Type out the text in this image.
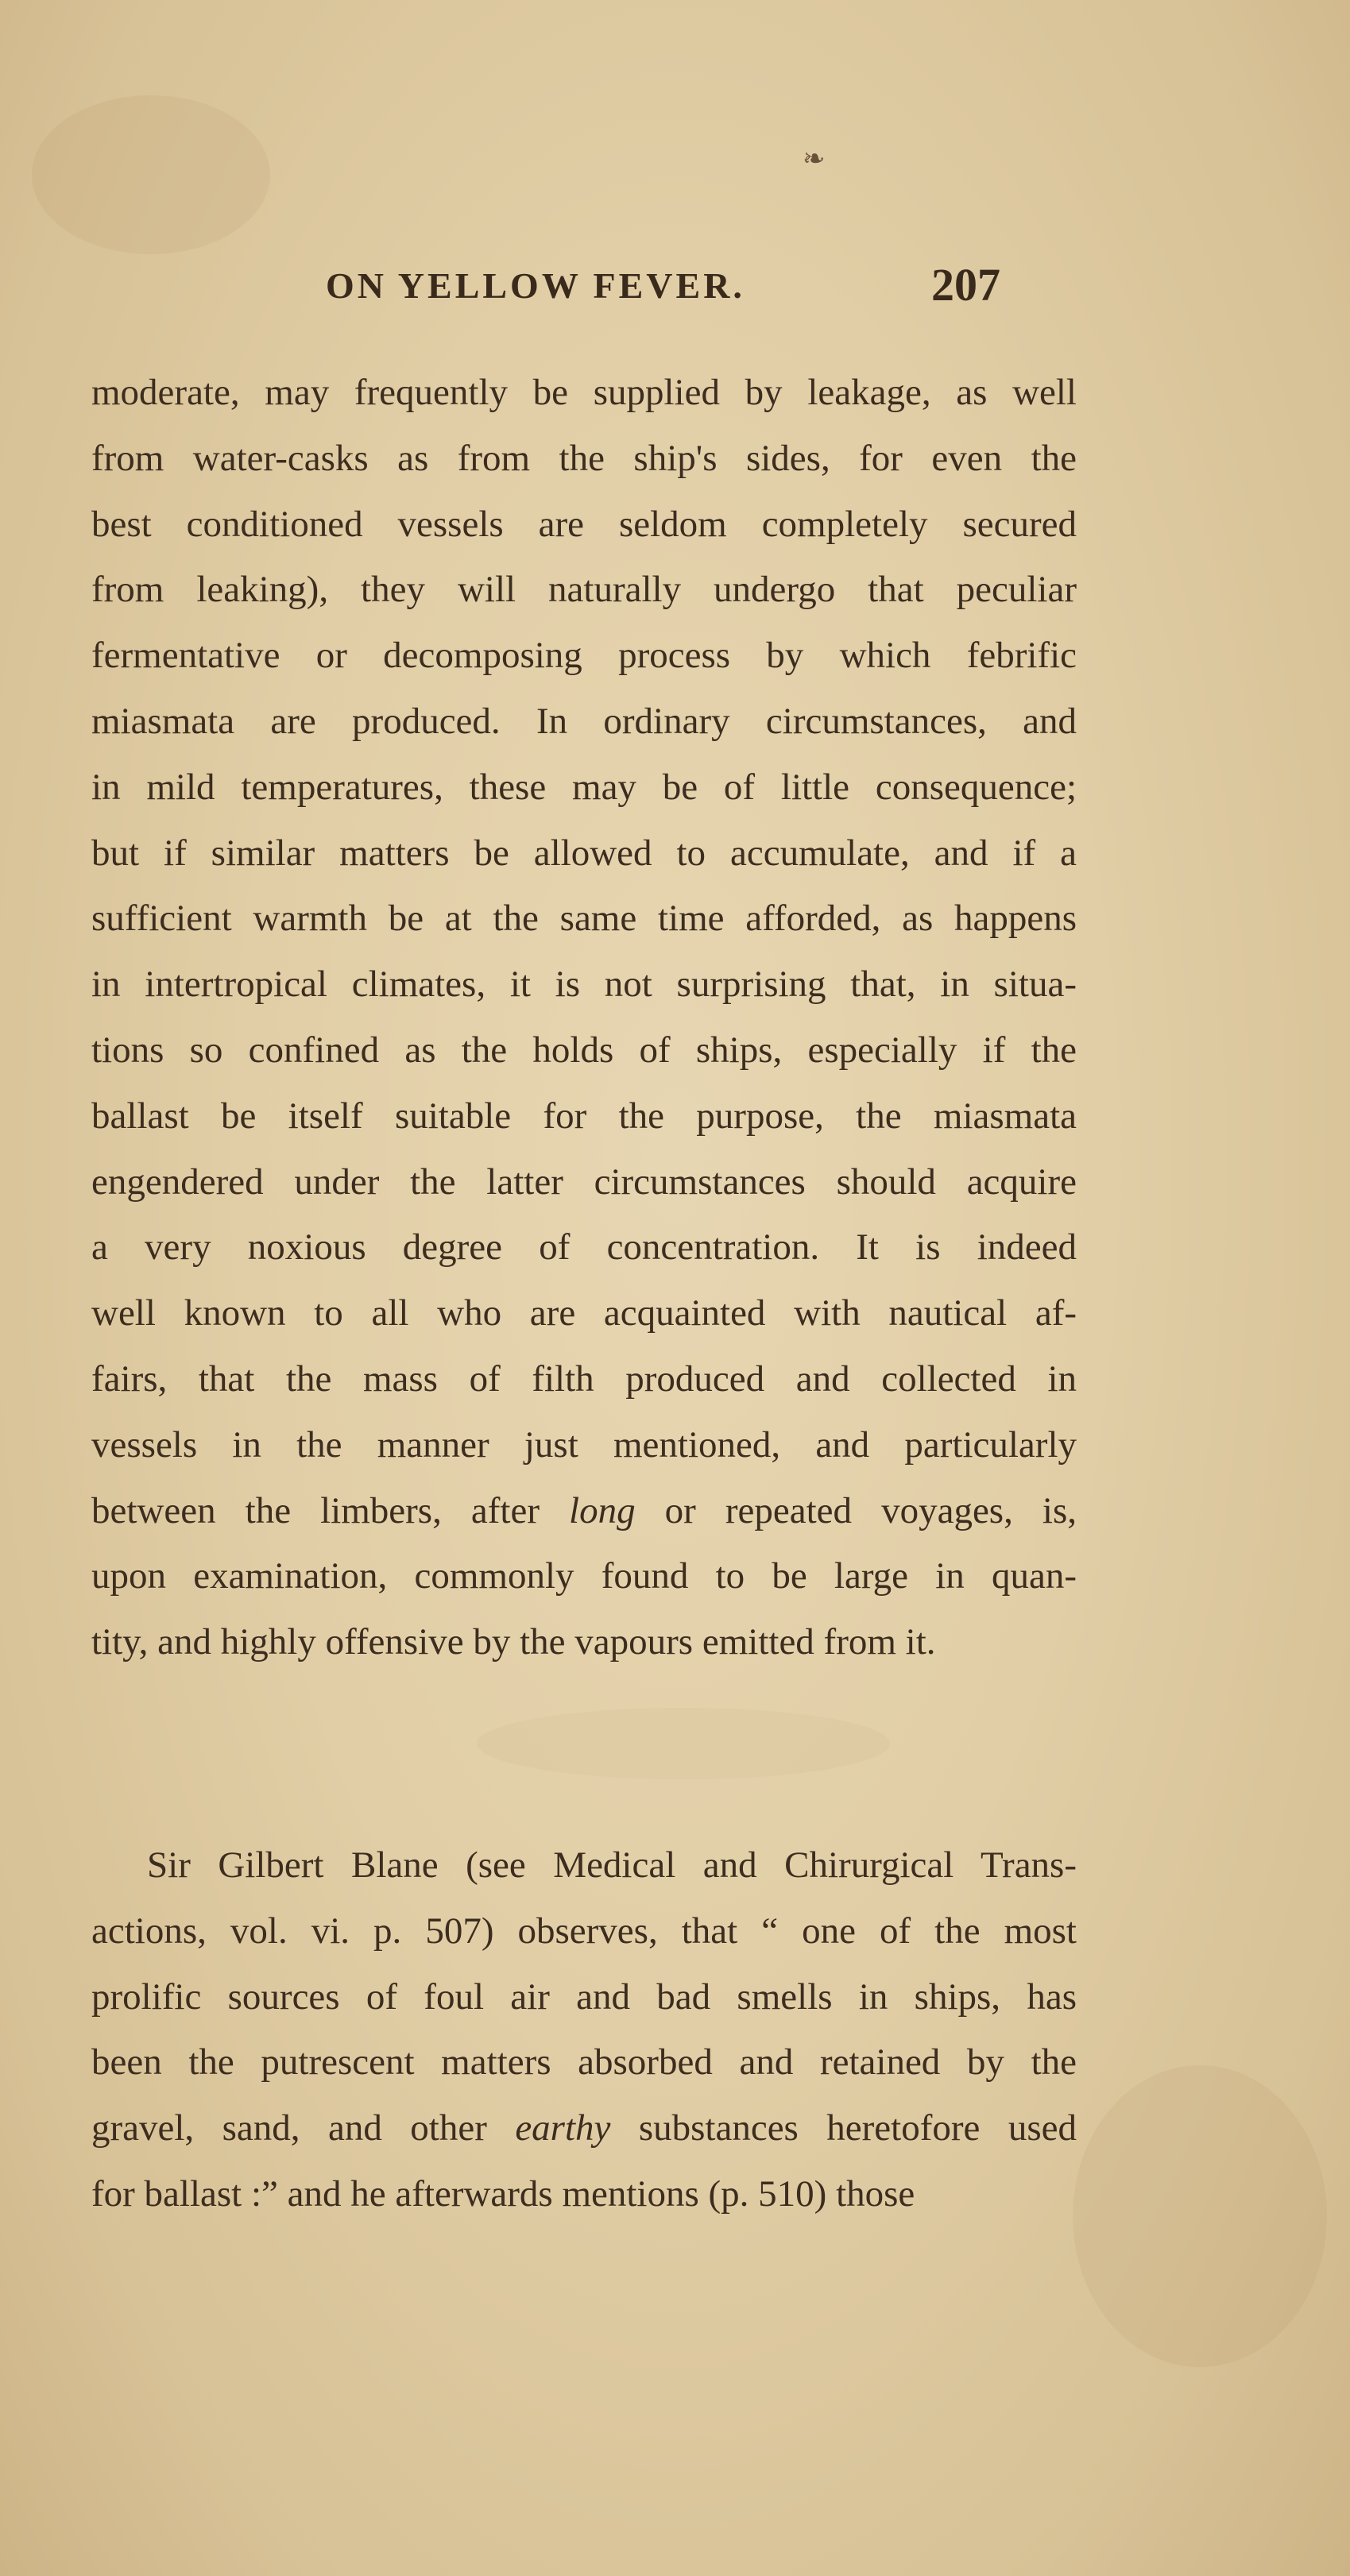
❧
ON YELLOW FEVER.	207
moderate, may frequently be supplied by leakage, as well
from water-casks as from the ship's sides, for even the
best conditioned vessels are seldom completely secured
from leaking), they will naturally undergo that peculiar
fermentative or decomposing process by which febrific
miasmata are produced. In ordinary circumstances, and
in mild temperatures, these may be of little consequence;
but if similar matters be allowed to accumulate, and if a
sufficient warmth be at the same time afforded, as happens
in intertropical climates, it is not surprising that, in situa-
tions so confined as the holds of ships, especially if the
ballast be itself suitable for the purpose, the miasmata
engendered under the latter circumstances should acquire
a very noxious degree of concentration. It is indeed
well known to all who are acquainted with nautical af-
fairs, that the mass of filth produced and collected in
vessels in the manner just mentioned, and particularly
between the limbers, after long or repeated voyages, is,
upon examination, commonly found to be large in quan-
tity, and highly offensive by the vapours emitted from it.
Sir Gilbert Blane (see Medical and Chirurgical Trans-
actions, vol. vi. p. 507) observes, that “ one of the most
prolific sources of foul air and bad smells in ships, has
been the putrescent matters absorbed and retained by the
gravel, sand, and other earthy substances heretofore used
for ballast :” and he afterwards mentions (p. 510) those
